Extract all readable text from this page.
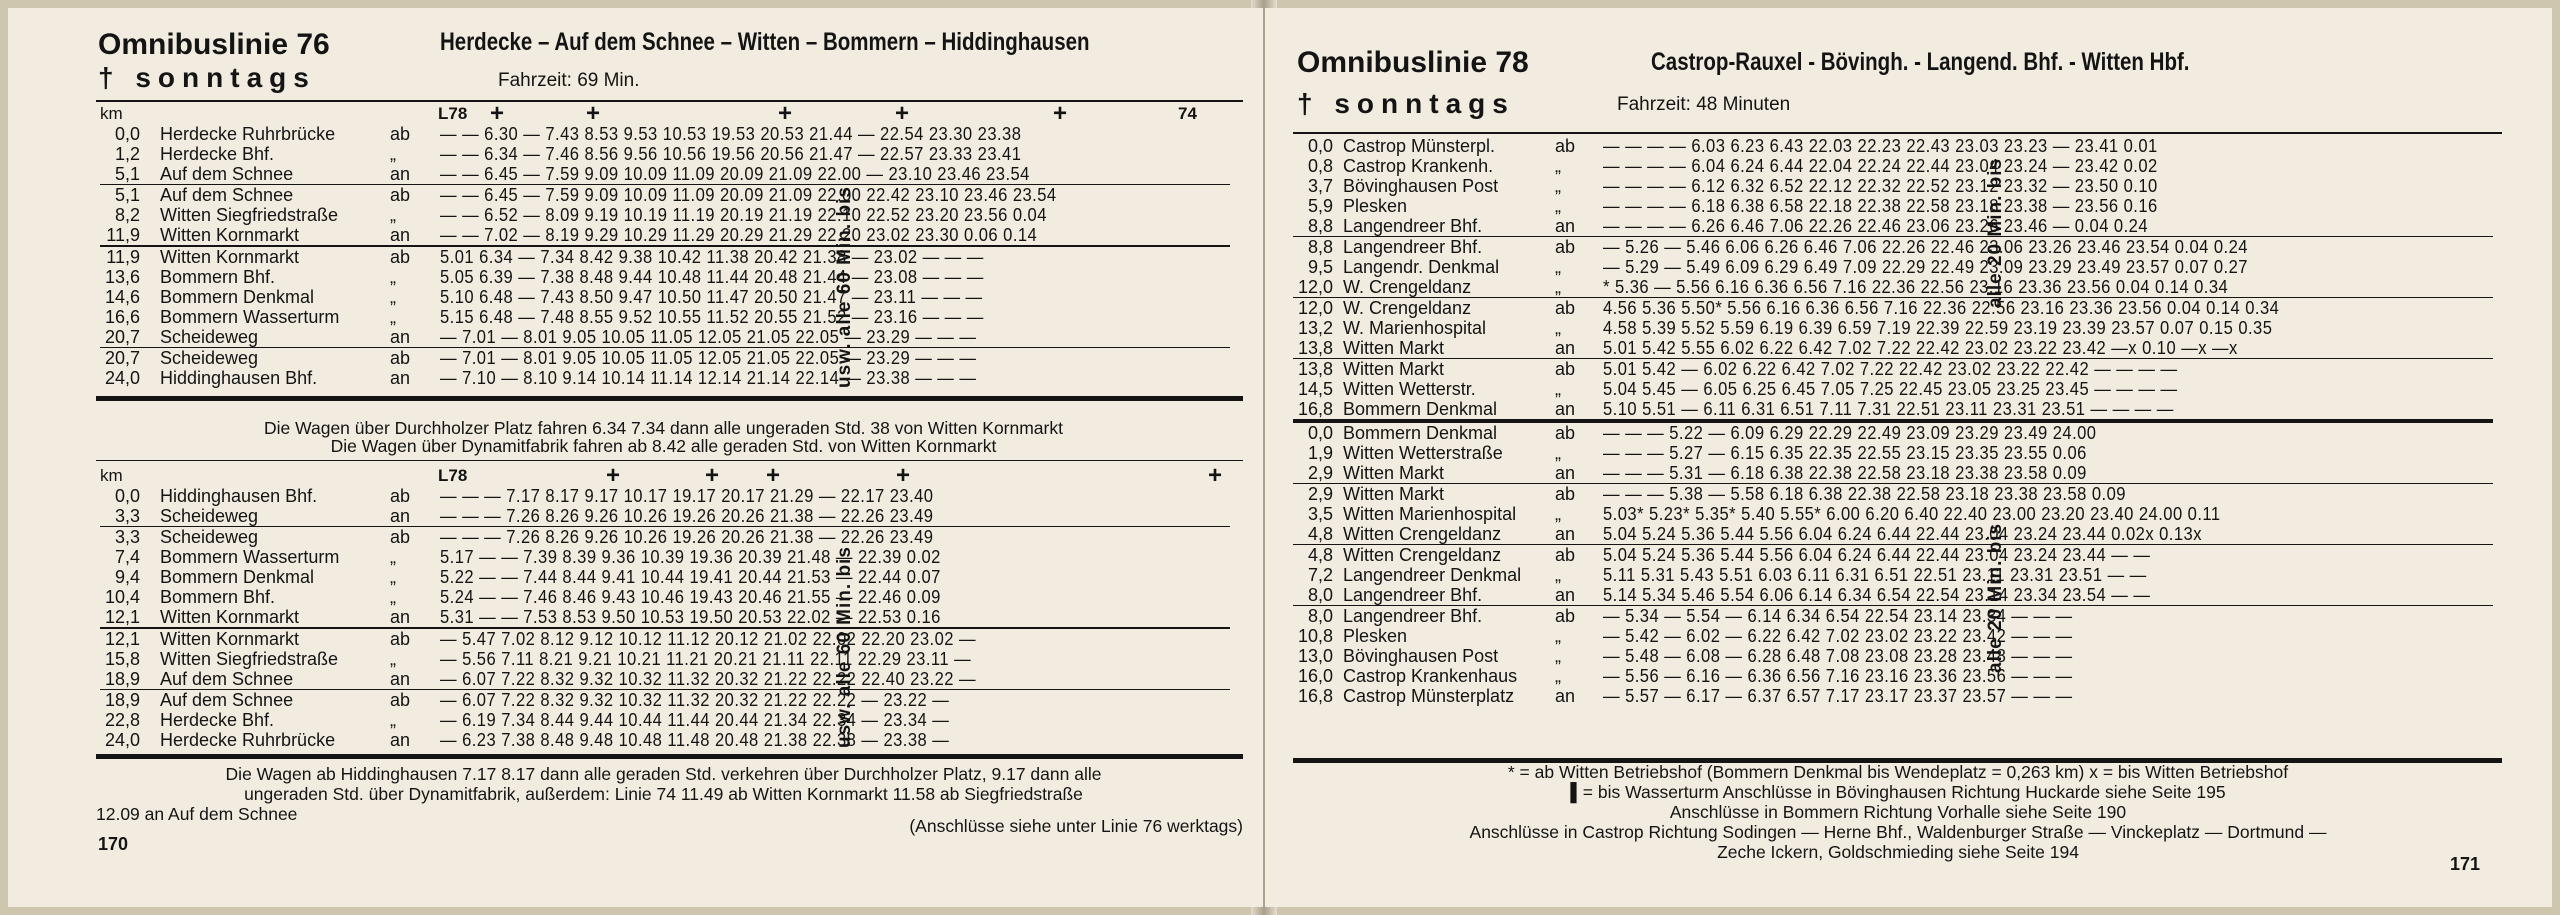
Omnibuslinie 76	Herdecke – Auf dem Schnee – Witten – Bommern – Hiddinghausen
† sonntags	Fahrzeit: 69 Min.
km	L78 +	+	+	+	+	74
0,0 Herdecke Ruhrbrücke	ab — — 6.30 — 7.43 8.53 9.53 10.53 19.53 20.53 21.44 — 22.54 23.30 23.38
1,2 Herdecke Bhf.	„ — — 6.34 — 7.46 8.56 9.56 10.56 19.56 20.56 21.47 — 22.57 23.33 23.41
5,1 Auf dem Schnee	an — — 6.45 — 7.59 9.09 10.09 11.09 20.09 21.09 22.00 — 23.10 23.46 23.54
5,1 Auf dem Schnee	ab — — 6.45 — 7.59 9.09 10.09 11.09 20.09 21.09 22.00 22.42 23.10 23.46 23.54
8,2 Witten Siegfriedstraße	„ — — 6.52 — 8.09 9.19 10.19 11.19 20.19 21.19 22.10 22.52 23.20 23.56 0.04
11,9 Witten Kornmarkt	an — — 7.02 — 8.19 9.29 10.29 11.29 20.29 21.29 22.20 23.02 23.30 0.06 0.14
11,9 Witten Kornmarkt	ab 5.01 6.34 — 7.34 8.42 9.38 10.42 11.38 20.42 21.38 — 23.02 — — —
13,6 Bommern Bhf.	„ 5.05 6.39 — 7.38 8.48 9.44 10.48 11.44 20.48 21.44 — 23.08 — — —
14,6 Bommern Denkmal	„ 5.10 6.48 — 7.43 8.50 9.47 10.50 11.47 20.50 21.47 — 23.11 — — —
16,6 Bommern Wasserturm	„ 5.15 6.48 — 7.48 8.55 9.52 10.55 11.52 20.55 21.52 — 23.16 — — —
20,7 Scheideweg	an — 7.01 — 8.01 9.05 10.05 11.05 12.05 21.05 22.05 — 23.29 — — —
20,7 Scheideweg	ab — 7.01 — 8.01 9.05 10.05 11.05 12.05 21.05 22.05 — 23.29 — — —
24,0 Hiddinghausen Bhf.	an — 7.10 — 8.10 9.14 10.14 11.14 12.14 21.14 22.14 — 23.38 — — —
usw. alle 60 Min. bis
Die Wagen über Durchholzer Platz fahren 6.34 7.34 dann alle ungeraden Std. 38 von Witten Kornmarkt
Die Wagen über Dynamitfabrik fahren ab 8.42 alle geraden Std. von Witten Kornmarkt
km	L78	+	+ +	+	+
0,0 Hiddinghausen Bhf.	ab — — — 7.17 8.17 9.17 10.17 19.17 20.17 21.29 — 22.17 23.40
3,3 Scheideweg	an — — — 7.26 8.26 9.26 10.26 19.26 20.26 21.38 — 22.26 23.49
3,3 Scheideweg	ab — — — 7.26 8.26 9.26 10.26 19.26 20.26 21.38 — 22.26 23.49
7,4 Bommern Wasserturm	„ 5.17 — — 7.39 8.39 9.36 10.39 19.36 20.39 21.48 — 22.39 0.02
9,4 Bommern Denkmal	„ 5.22 — — 7.44 8.44 9.41 10.44 19.41 20.44 21.53 — 22.44 0.07
10,4 Bommern Bhf.	„ 5.24 — — 7.46 8.46 9.43 10.46 19.43 20.46 21.55 — 22.46 0.09
12,1 Witten Kornmarkt	an 5.31 — — 7.53 8.53 9.50 10.53 19.50 20.53 22.02 — 22.53 0.16
12,1 Witten Kornmarkt	ab — 5.47 7.02 8.12 9.12 10.12 11.12 20.12 21.02 22.02 22.20 23.02 —
15,8 Witten Siegfriedstraße	„ — 5.56 7.11 8.21 9.21 10.21 11.21 20.21 21.11 22.11 22.29 23.11 —
18,9 Auf dem Schnee	an — 6.07 7.22 8.32 9.32 10.32 11.32 20.32 21.22 22.22 22.40 23.22 —
18,9 Auf dem Schnee	ab — 6.07 7.22 8.32 9.32 10.32 11.32 20.32 21.22 22.22 — 23.22 —
22,8 Herdecke Bhf.	„ — 6.19 7.34 8.44 9.44 10.44 11.44 20.44 21.34 22.34 — 23.34 —
24,0 Herdecke Ruhrbrücke	an — 6.23 7.38 8.48 9.48 10.48 11.48 20.48 21.38 22.38 — 23.38 —
usw. alle 60 Min. bis
Die Wagen ab Hiddinghausen 7.17 8.17 dann alle geraden Std. verkehren über Durchholzer Platz, 9.17 dann alle
ungeraden Std. über Dynamitfabrik, außerdem: Linie 74 11.49 ab Witten Kornmarkt 11.58 ab Siegfriedstraße
12.09 an Auf dem Schnee
(Anschlüsse siehe unter Linie 76 werktags)
170
Omnibuslinie 78	Castrop-Rauxel - Bövingh. - Langend. Bhf. - Witten Hbf.
† sonntags	Fahrzeit: 48 Minuten
0,0 Castrop Münsterpl.	ab — — — — 6.03 6.23 6.43 22.03 22.23 22.43 23.03 23.23 — 23.41 0.01
0,8 Castrop Krankenh.	„ — — — — 6.04 6.24 6.44 22.04 22.24 22.44 23.04 23.24 — 23.42 0.02
3,7 Bövinghausen Post	„ — — — — 6.12 6.32 6.52 22.12 22.32 22.52 23.12 23.32 — 23.50 0.10
5,9 Plesken	„ — — — — 6.18 6.38 6.58 22.18 22.38 22.58 23.18 23.38 — 23.56 0.16
8,8 Langendreer Bhf.	an — — — — 6.26 6.46 7.06 22.26 22.46 23.06 23.26 23.46 — 0.04 0.24
8,8 Langendreer Bhf.	ab — 5.26 — 5.46 6.06 6.26 6.46 7.06 22.26 22.46 23.06 23.26 23.46 23.54 0.04 0.24
9,5 Langendr. Denkmal	„ — 5.29 — 5.49 6.09 6.29 6.49 7.09 22.29 22.49 23.09 23.29 23.49 23.57 0.07 0.27
12,0 W. Crengeldanz	„ * 5.36 — 5.56 6.16 6.36 6.56 7.16 22.36 22.56 23.16 23.36 23.56 0.04 0.14 0.34
12,0 W. Crengeldanz	ab 4.56 5.36 5.50* 5.56 6.16 6.36 6.56 7.16 22.36 22.56 23.16 23.36 23.56 0.04 0.14 0.34
13,2 W. Marienhospital	„ 4.58 5.39 5.52 5.59 6.19 6.39 6.59 7.19 22.39 22.59 23.19 23.39 23.57 0.07 0.15 0.35
13,8 Witten Markt	an 5.01 5.42 5.55 6.02 6.22 6.42 7.02 7.22 22.42 23.02 23.22 23.42 —x 0.10 —x —x
13,8 Witten Markt	ab 5.01 5.42 — 6.02 6.22 6.42 7.02 7.22 22.42 23.02 23.22 22.42 — — — —
14,5 Witten Wetterstr.	„ 5.04 5.45 — 6.05 6.25 6.45 7.05 7.25 22.45 23.05 23.25 23.45 — — — —
16,8 Bommern Denkmal	an 5.10 5.51 — 6.11 6.31 6.51 7.11 7.31 22.51 23.11 23.31 23.51 — — — —
0,0 Bommern Denkmal	ab — — — 5.22 — 6.09 6.29 22.29 22.49 23.09 23.29 23.49 24.00
1,9 Witten Wetterstraße	„ — — — 5.27 — 6.15 6.35 22.35 22.55 23.15 23.35 23.55 0.06
2,9 Witten Markt	an — — — 5.31 — 6.18 6.38 22.38 22.58 23.18 23.38 23.58 0.09
2,9 Witten Markt	ab — — — 5.38 — 5.58 6.18 6.38 22.38 22.58 23.18 23.38 23.58 0.09
3,5 Witten Marienhospital „ 5.03* 5.23* 5.35* 5.40 5.55* 6.00 6.20 6.40 22.40 23.00 23.20 23.40 24.00 0.11
4,8 Witten Crengeldanz	an 5.04 5.24 5.36 5.44 5.56 6.04 6.24 6.44 22.44 23.04 23.24 23.44 0.02x 0.13x
4,8 Witten Crengeldanz	ab 5.04 5.24 5.36 5.44 5.56 6.04 6.24 6.44 22.44 23.04 23.24 23.44 — —
7,2 Langendreer Denkmal „ 5.11 5.31 5.43 5.51 6.03 6.11 6.31 6.51 22.51 23.11 23.31 23.51 — —
8,0 Langendreer Bhf.	an 5.14 5.34 5.46 5.54 6.06 6.14 6.34 6.54 22.54 23.14 23.34 23.54 — —
8,0 Langendreer Bhf.	ab — 5.34 — 5.54 — 6.14 6.34 6.54 22.54 23.14 23.34 — — —
10,8 Plesken	„ — 5.42 — 6.02 — 6.22 6.42 7.02 23.02 23.22 23.42 — — —
13,0 Bövinghausen Post	„ — 5.48 — 6.08 — 6.28 6.48 7.08 23.08 23.28 23.48 — — —
16,0 Castrop Krankenhaus „ — 5.56 — 6.16 — 6.36 6.56 7.16 23.16 23.36 23.56 — — —
16,8 Castrop Münsterplatz an — 5.57 — 6.17 — 6.37 6.57 7.17 23.17 23.37 23.57 — — —
alle 20 Min. bis
alle 20 Min. bis
* = ab Witten Betriebshof (Bommern Denkmal bis Wendeplatz = 0,263 km) x = bis Witten Betriebshof
▌= bis Wasserturm Anschlüsse in Bövinghausen Richtung Huckarde siehe Seite 195
Anschlüsse in Bommern Richtung Vorhalle siehe Seite 190
Anschlüsse in Castrop Richtung Sodingen — Herne Bhf., Waldenburger Straße — Vinckeplatz — Dortmund —
Zeche Ickern, Goldschmieding siehe Seite 194
171
